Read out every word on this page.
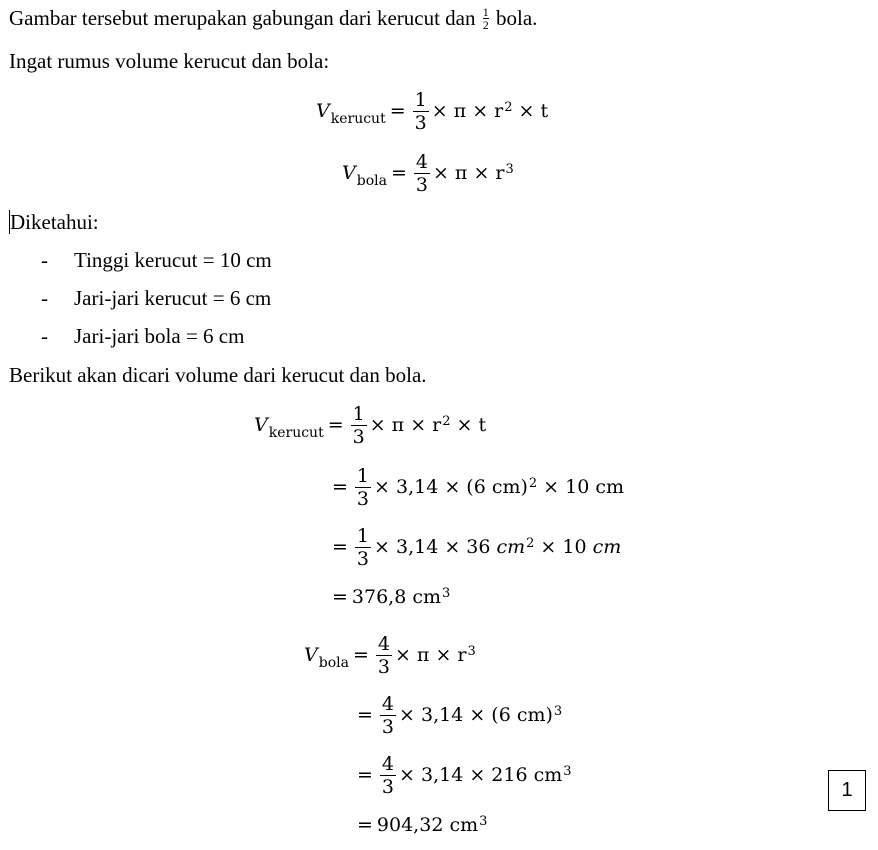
Gambar tersebut merupakan gabungan dari kerucut dan $\frac{1}{2}$ bola.
Ingat rumus volume kerucut dan bola:
V kerucut = $\frac{1}{3} \times \pi \times r^2 \times t$
V bola = $\frac{4}{3} \times \pi \times r^3$
Diketahui:
- Tinggi kerucut = 10 cm
- Jari-jari kerucut = 6 cm
- Jari-jari bola = 6 cm
Berikut akan dicari volume dari kerucut dan bola.
V kerucut = $\frac{1}{3} \times \pi \times r^2 \times t$
= $\frac{1}{3} \times 3,14 \times (6$ cm)$^2$ × 10 cm
= $\frac{1}{3} \times 3,14 \times 36$ $cm^2 \times 10$ cm
= 376,8 $cm^3$
V bola = $\frac{4}{3} \times \pi \times r^3$
= $\frac{4}{3} \times 3,14 \times (6$ cm)$^3$
= $\frac{4}{3} \times 3,14 \times 216$ $cm^3$
= 904,32 $cm^3$
1
